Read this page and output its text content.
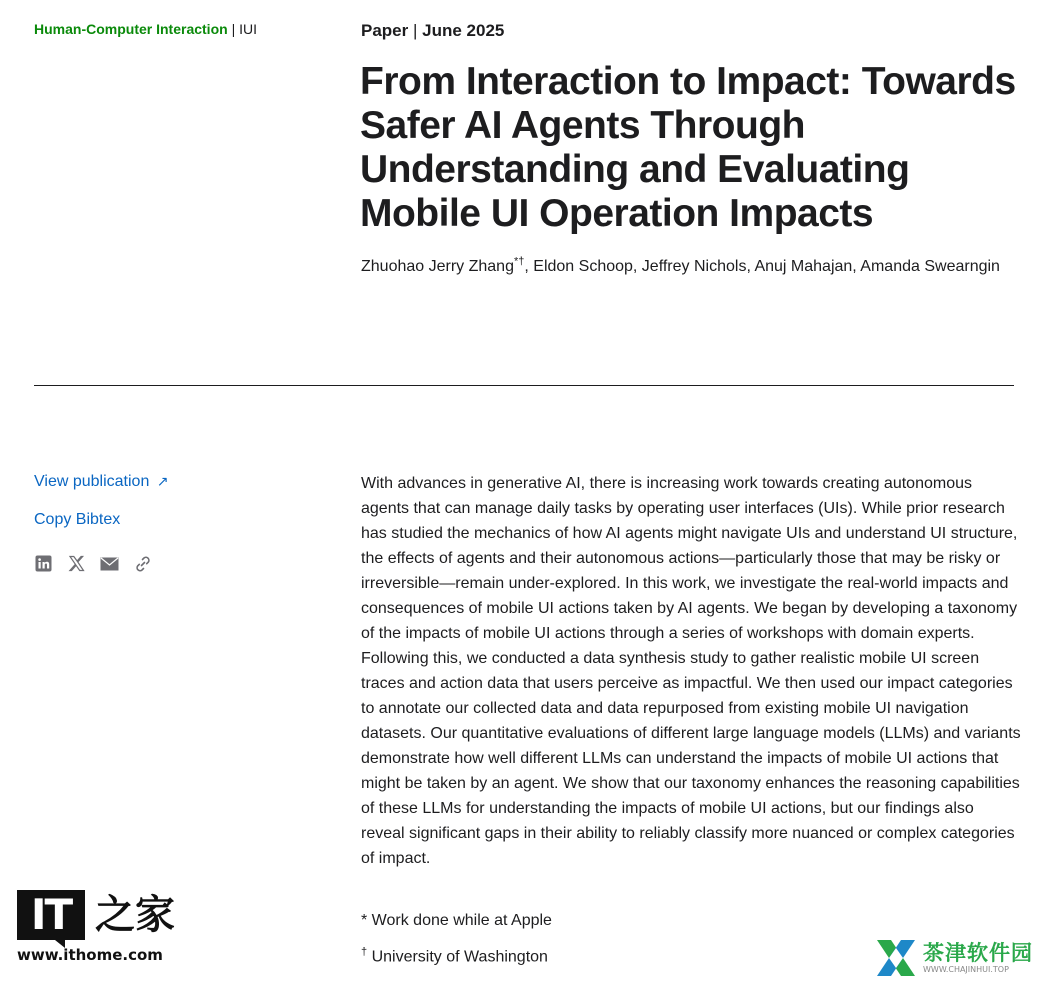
Human-Computer Interaction | IUI	Paper | June 2025
From Interaction to Impact: Towards Safer AI Agents Through Understanding and Evaluating Mobile UI Operation Impacts
Zhuohao Jerry Zhang*†, Eldon Schoop, Jeffrey Nichols, Anuj Mahajan, Amanda Swearngin
View publication ↗
Copy Bibtex

With advances in generative AI, there is increasing work towards creating autonomous agents that can manage daily tasks by operating user interfaces (UIs). While prior research has studied the mechanics of how AI agents might navigate UIs and understand UI structure, the effects of agents and their autonomous actions—particularly those that may be risky or irreversible—remain under-explored. In this work, we investigate the real-world impacts and consequences of mobile UI actions taken by AI agents. We began by developing a taxonomy of the impacts of mobile UI actions through a series of workshops with domain experts. Following this, we conducted a data synthesis study to gather realistic mobile UI screen traces and action data that users perceive as impactful. We then used our impact categories to annotate our collected data and data repurposed from existing mobile UI navigation datasets. Our quantitative evaluations of different large language models (LLMs) and variants demonstrate how well different LLMs can understand the impacts of mobile UI actions that might be taken by an agent. We show that our taxonomy enhances the reasoning capabilities of these LLMs for understanding the impacts of mobile UI actions, but our findings also reveal significant gaps in their ability to reliably classify more nuanced or complex categories of impact.

* Work done while at Apple
† University of Washington
IT 之家
www.ithome.com	茶津软件园
WWW.CHAJINHUI.TOP
